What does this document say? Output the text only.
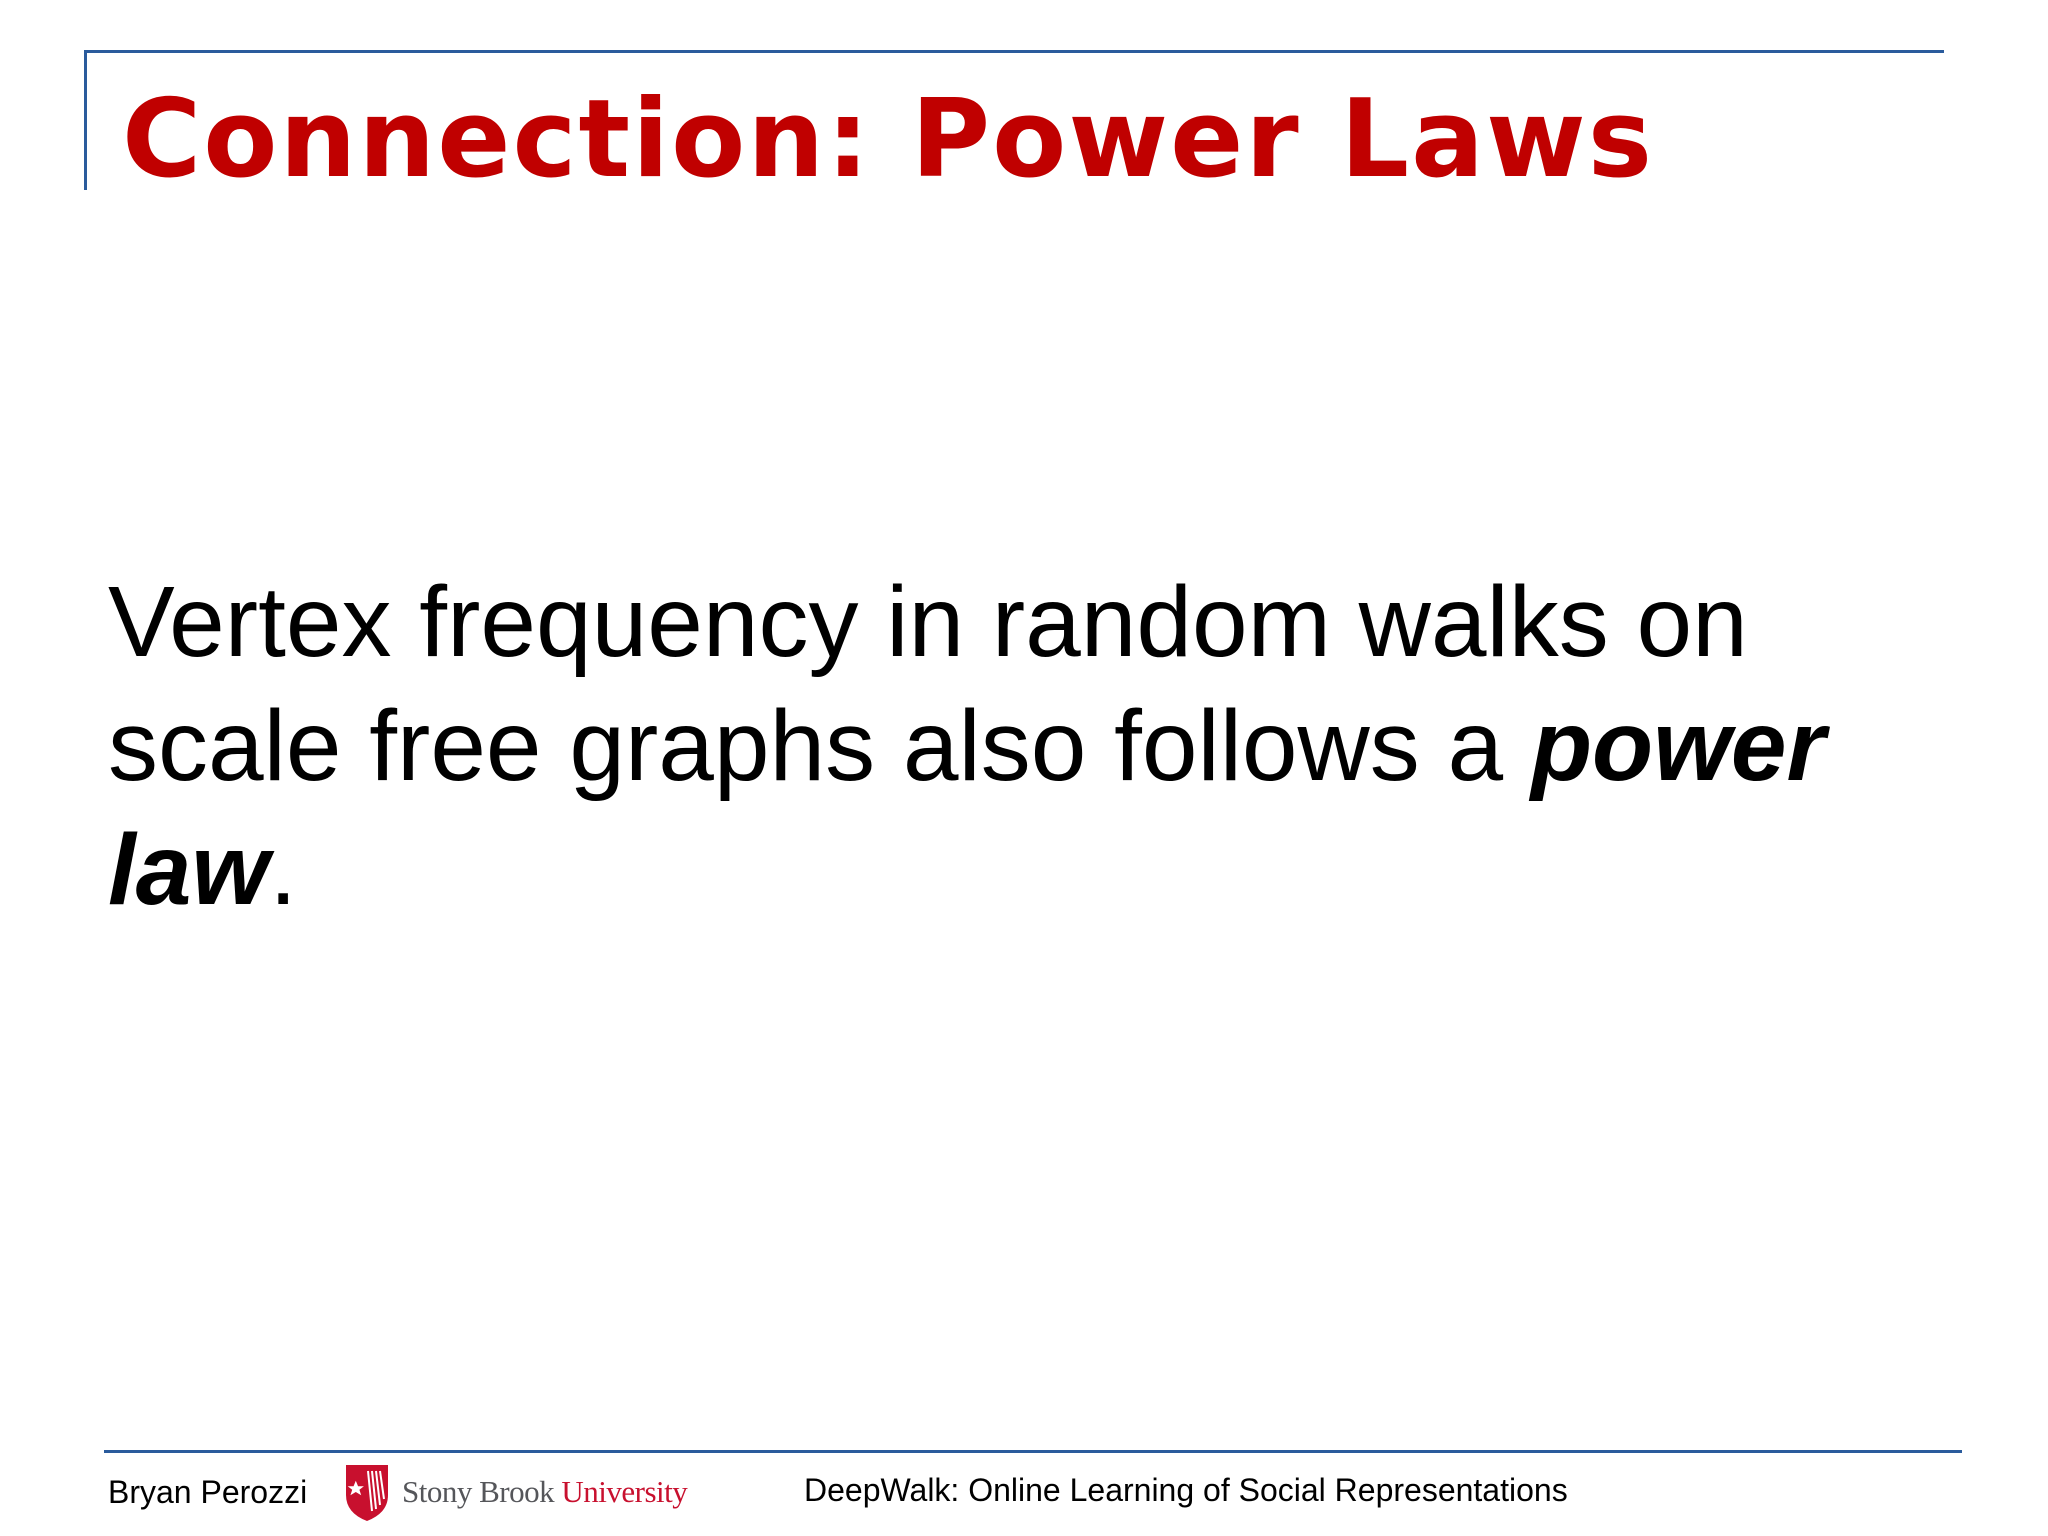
Connection: Power Laws

Vertex frequency in random walks on scale free graphs also follows a power law.

Bryan Perozzi	Stony Brook University	DeepWalk: Online Learning of Social Representations
